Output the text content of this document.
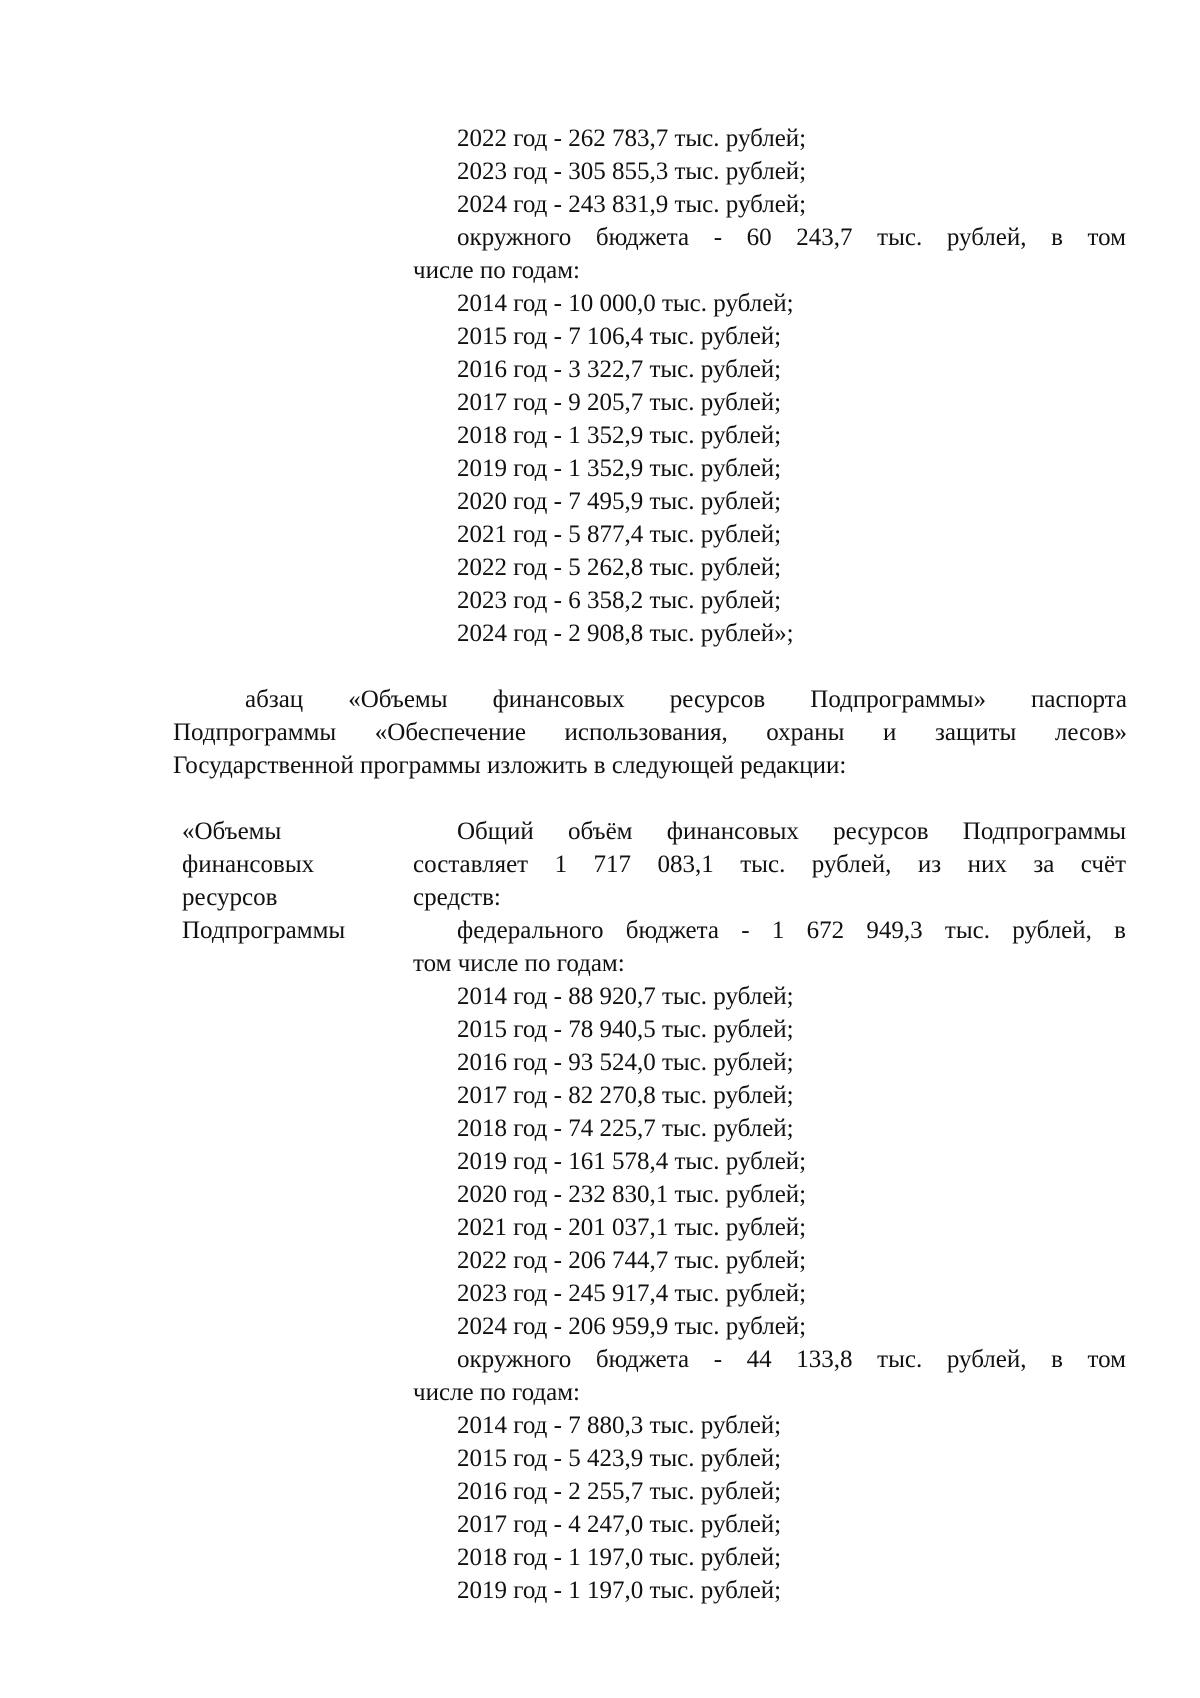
2022 год - 262 783,7 тыс. рублей;
2023 год - 305 855,3 тыс. рублей;
2024 год - 243 831,9 тыс. рублей;
окружного бюджета - 60 243,7 тыс. рублей, в том
числе по годам:
2014 год - 10 000,0 тыс. рублей;
2015 год - 7 106,4 тыс. рублей;
2016 год - 3 322,7 тыс. рублей;
2017 год - 9 205,7 тыс. рублей;
2018 год - 1 352,9 тыс. рублей;
2019 год - 1 352,9 тыс. рублей;
2020 год - 7 495,9 тыс. рублей;
2021 год - 5 877,4 тыс. рублей;
2022 год - 5 262,8 тыс. рублей;
2023 год - 6 358,2 тыс. рублей;
2024 год - 2 908,8 тыс. рублей»;
абзац «Объемы финансовых ресурсов Подпрограммы» паспорта
Подпрограммы «Обеспечение использования, охраны и защиты лесов»
Государственной программы изложить в следующей редакции:
«Объемы
финансовых
ресурсов
Подпрограммы
Общий объём финансовых ресурсов Подпрограммы
составляет 1 717 083,1 тыс. рублей, из них за счёт
средств:
федерального бюджета - 1 672 949,3 тыс. рублей, в
том числе по годам:
2014 год - 88 920,7 тыс. рублей;
2015 год - 78 940,5 тыс. рублей;
2016 год - 93 524,0 тыс. рублей;
2017 год - 82 270,8 тыс. рублей;
2018 год - 74 225,7 тыс. рублей;
2019 год - 161 578,4 тыс. рублей;
2020 год - 232 830,1 тыс. рублей;
2021 год - 201 037,1 тыс. рублей;
2022 год - 206 744,7 тыс. рублей;
2023 год - 245 917,4 тыс. рублей;
2024 год - 206 959,9 тыс. рублей;
окружного бюджета - 44 133,8 тыс. рублей, в том
числе по годам:
2014 год - 7 880,3 тыс. рублей;
2015 год - 5 423,9 тыс. рублей;
2016 год - 2 255,7 тыс. рублей;
2017 год - 4 247,0 тыс. рублей;
2018 год - 1 197,0 тыс. рублей;
2019 год - 1 197,0 тыс. рублей;
